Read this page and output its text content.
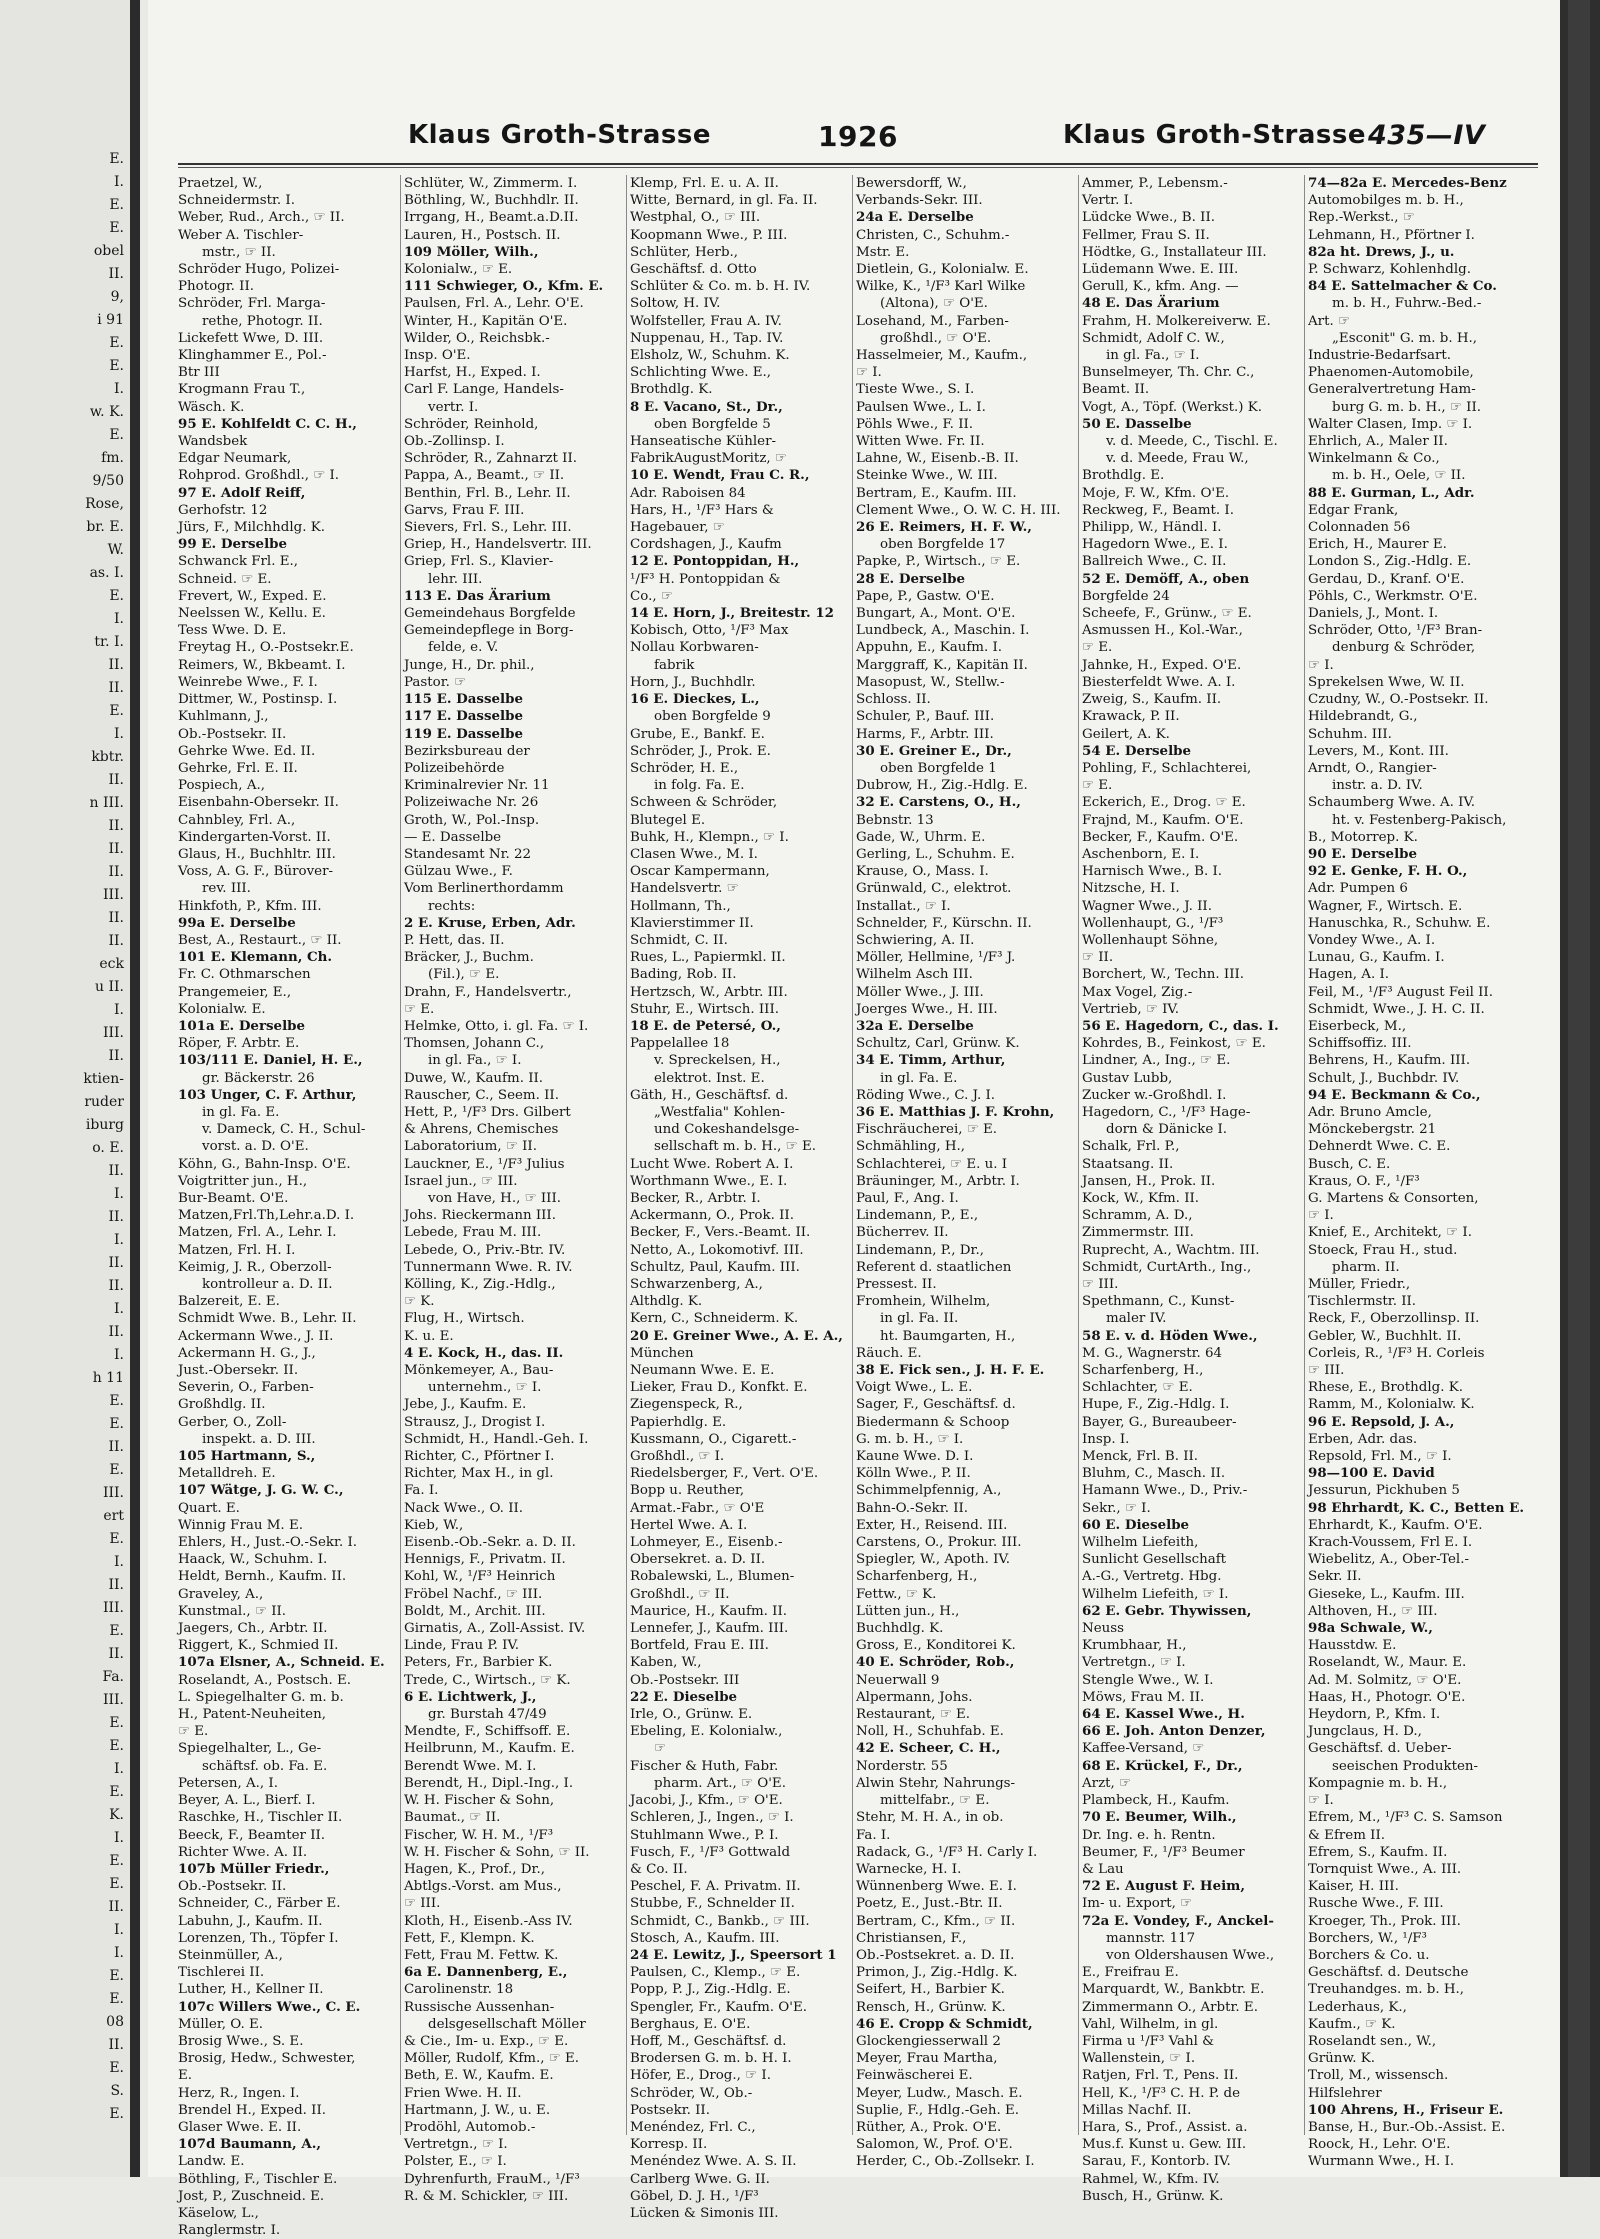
E.
I.
E.
E.
obel
II.
9,
i 91
E.
E.
I.
w. K.
E.
fm.
9/50
Rose,
br. E.
W.
as. I.
E.
I.
tr. I.
II.
II.
E.
I.
kbtr.
II.
n III.
II.
II.
II.
III.
II.
II.
eck
u II.
I.
III.
II.
ktien-
ruder
iburg
o. E.
II.
I.
II.
I.
II.
II.
I.
II.
I.
h 11
E.
E.
II.
E.
III.
ert
E.
I.
II.
III.
E.
II.
Fa.
III.
E.
E.
I.
E.
K.
I.
E.
E.
II.
I.
I.
E.
E.
08
II.
E.
S.
E.
Klaus Groth-Strasse	1926	Klaus Groth-Strasse 435—IV
Praetzel, W.,
Schneidermstr. I.
Weber, Rud., Arch., ☞ II.
Weber A. Tischler-
mstr., ☞ II.
Schröder Hugo, Polizei-
Photogr. II.
Schröder, Frl. Marga-
rethe, Photogr. II.
Lickefett Wwe, D. III.
Klinghammer E., Pol.-
Btr III
Krogmann Frau T.,
Wäsch. K.
95 E. Kohlfeldt C. C. H.,
Wandsbek
Edgar Neumark,
Rohprod. Großhdl., ☞ I.
97 E. Adolf Reiff,
Gerhofstr. 12
Jürs, F., Milchhdlg. K.
99 E. Derselbe
Schwanck Frl. E.,
Schneid. ☞ E.
Frevert, W., Exped. E.
Neelssen W., Kellu. E.
Tess Wwe. D. E.
Freytag H., O.-Postsekr.E.
Reimers, W., Bkbeamt. I.
Weinrebe Wwe., F. I.
Dittmer, W., Postinsp. I.
Kuhlmann, J.,
Ob.-Postsekr. II.
Gehrke Wwe. Ed. II.
Gehrke, Frl. E. II.
Pospiech, A.,
Eisenbahn-Obersekr. II.
Cahnbley, Frl. A.,
Kindergarten-Vorst. II.
Glaus, H., Buchhltr. III.
Voss, A. G. F., Bürover-
rev. III.
Hinkfoth, P., Kfm. III.
99a E. Derselbe
Best, A., Restaurt., ☞ II.
101 E. Klemann, Ch.
Fr. C. Othmarschen
Prangemeier, E.,
Kolonialw. E.
101a E. Derselbe
Röper, F. Arbtr. E.
103/111 E. Daniel, H. E.,
gr. Bäckerstr. 26
103 Unger, C. F. Arthur,
in gl. Fa. E.
v. Dameck, C. H., Schul-
vorst. a. D. O'E.
Köhn, G., Bahn-Insp. O'E.
Voigtritter jun., H.,
Bur-Beamt. O'E.
Matzen,Frl.Th,Lehr.a.D. I.
Matzen, Frl. A., Lehr. I.
Matzen, Frl. H. I.
Keimig, J. R., Oberzoll-
kontrolleur a. D. II.
Balzereit, E. E.
Schmidt Wwe. B., Lehr. II.
Ackermann Wwe., J. II.
Ackermann H. G., J.,
Just.-Obersekr. II.
Severin, O., Farben-
Großhdlg. II.
Gerber, O., Zoll-
inspekt. a. D. III.
105 Hartmann, S.,
Metalldreh. E.
107 Wätge, J. G. W. C.,
Quart. E.
Winnig Frau M. E.
Ehlers, H., Just.-O.-Sekr. I.
Haack, W., Schuhm. I.
Heldt, Bernh., Kaufm. II.
Graveley, A.,
Kunstmal., ☞ II.
Jaegers, Ch., Arbtr. II.
Riggert, K., Schmied II.
107a Elsner, A., Schneid. E.
Roselandt, A., Postsch. E.
L. Spiegelhalter G. m. b.
H., Patent-Neuheiten,
☞ E.
Spiegelhalter, L., Ge-
schäftsf. ob. Fa. E.
Petersen, A., I.
Beyer, A. L., Bierf. I.
Raschke, H., Tischler II.
Beeck, F., Beamter II.
Richter Wwe. A. II.
107b Müller Friedr.,
Ob.-Postsekr. II.
Schneider, C., Färber E.
Labuhn, J., Kaufm. II.
Lorenzen, Th., Töpfer I.
Steinmüller, A.,
Tischlerei II.
Luther, H., Kellner II.
107c Willers Wwe., C. E.
Müller, O. E.
Brosig Wwe., S. E.
Brosig, Hedw., Schwester,
E.
Herz, R., Ingen. I.
Brendel H., Exped. II.
Glaser Wwe. E. II.
107d Baumann, A.,
Landw. E.
Böthling, F., Tischler E.
Jost, P., Zuschneid. E.
Käselow, L.,
Ranglermstr. I.
Schlüter, W., Zimmerm. I.
Böthling, W., Buchhdlr. II.
Irrgang, H., Beamt.a.D.II.
Lauren, H., Postsch. II.
109 Möller, Wilh.,
Kolonialw., ☞ E.
111 Schwieger, O., Kfm. E.
Paulsen, Frl. A., Lehr. O'E.
Winter, H., Kapitän O'E.
Wilder, O., Reichsbk.-
Insp. O'E.
Harfst, H., Exped. I.
Carl F. Lange, Handels-
vertr. I.
Schröder, Reinhold,
Ob.-Zollinsp. I.
Schröder, R., Zahnarzt II.
Pappa, A., Beamt., ☞ II.
Benthin, Frl. B., Lehr. II.
Garvs, Frau F. III.
Sievers, Frl. S., Lehr. III.
Griep, H., Handelsvertr. III.
Griep, Frl. S., Klavier-
lehr. III.
113 E. Das Ärarium
Gemeindehaus Borgfelde
Gemeindepflege in Borg-
felde, e. V.
Junge, H., Dr. phil.,
Pastor. ☞
115 E. Dasselbe
117 E. Dasselbe
119 E. Dasselbe
Bezirksbureau der
Polizeibehörde
Kriminalrevier Nr. 11
Polizeiwache Nr. 26
Groth, W., Pol.-Insp.
— E. Dasselbe
Standesamt Nr. 22
Gülzau Wwe., F.
Vom Berlinerthordamm
rechts:
2 E. Kruse, Erben, Adr.
P. Hett, das. II.
Bräcker, J., Buchm.
(Fil.), ☞ E.
Drahn, F., Handelsvertr.,
☞ E.
Helmke, Otto, i. gl. Fa. ☞ I.
Thomsen, Johann C.,
in gl. Fa., ☞ I.
Duwe, W., Kaufm. II.
Rauscher, C., Seem. II.
Hett, P., ¹/F³ Drs. Gilbert
& Ahrens, Chemisches
Laboratorium, ☞ II.
Lauckner, E., ¹/F³ Julius
Israel jun., ☞ III.
von Have, H., ☞ III.
Johs. Rieckermann III.
Lebede, Frau M. III.
Lebede, O., Priv.-Btr. IV.
Tunnermann Wwe. R. IV.
Kölling, K., Zig.-Hdlg.,
☞ K.
Flug, H., Wirtsch.
K. u. E.
4 E. Kock, H., das. II.
Mönkemeyer, A., Bau-
unternehm., ☞ I.
Jebe, J., Kaufm. E.
Strausz, J., Drogist I.
Schmidt, H., Handl.-Geh. I.
Richter, C., Pförtner I.
Richter, Max H., in gl.
Fa. I.
Nack Wwe., O. II.
Kieb, W.,
Eisenb.-Ob.-Sekr. a. D. II.
Hennigs, F., Privatm. II.
Kohl, W., ¹/F³ Heinrich
Fröbel Nachf., ☞ III.
Boldt, M., Archit. III.
Girnatis, A., Zoll-Assist. IV.
Linde, Frau P. IV.
Peters, Fr., Barbier K.
Trede, C., Wirtsch., ☞ K.
6 E. Lichtwerk, J.,
gr. Burstah 47/49
Mendte, F., Schiffsoff. E.
Heilbrunn, M., Kaufm. E.
Berendt Wwe. M. I.
Berendt, H., Dipl.-Ing., I.
W. H. Fischer & Sohn,
Baumat., ☞ II.
Fischer, W. H. M., ¹/F³
W. H. Fischer & Sohn, ☞ II.
Hagen, K., Prof., Dr.,
Abtlgs.-Vorst. am Mus.,
☞ III.
Kloth, H., Eisenb.-Ass IV.
Fett, F., Klempn. K.
Fett, Frau M. Fettw. K.
6a E. Dannenberg, E.,
Carolinenstr. 18
Russische Aussenhan-
delsgesellschaft Möller
& Cie., Im- u. Exp., ☞ E.
Möller, Rudolf, Kfm., ☞ E.
Beth, E. W., Kaufm. E.
Frien Wwe. H. II.
Hartmann, J. W., u. E.
Prodöhl, Automob.-
Vertretgn., ☞ I.
Polster, E., ☞ I.
Dyhrenfurth, FrauM., ¹/F³
R. & M. Schickler, ☞ III.
Klemp, Frl. E. u. A. II.
Witte, Bernard, in gl. Fa. II.
Westphal, O., ☞ III.
Koopmann Wwe., P. III.
Schlüter, Herb.,
Geschäftsf. d. Otto
Schlüter & Co. m. b. H. IV.
Soltow, H. IV.
Wolfsteller, Frau A. IV.
Nuppenau, H., Tap. IV.
Elsholz, W., Schuhm. K.
Schlichting Wwe. E.,
Brothdlg. K.
8 E. Vacano, St., Dr.,
oben Borgfelde 5
Hanseatische Kühler-
FabrikAugustMoritz, ☞
10 E. Wendt, Frau C. R.,
Adr. Raboisen 84
Hars, H., ¹/F³ Hars &
Hagebauer, ☞
Cordshagen, J., Kaufm
12 E. Pontoppidan, H.,
¹/F³ H. Pontoppidan &
Co., ☞
14 E. Horn, J., Breitestr. 12
Kobisch, Otto, ¹/F³ Max
Nollau Korbwaren-
fabrik
Horn, J., Buchhdlr.
16 E. Dieckes, L.,
oben Borgfelde 9
Grube, E., Bankf. E.
Schröder, J., Prok. E.
Schröder, H. E.,
in folg. Fa. E.
Schween & Schröder,
Blutegel E.
Buhk, H., Klempn., ☞ I.
Clasen Wwe., M. I.
Oscar Kampermann,
Handelsvertr. ☞
Hollmann, Th.,
Klavierstimmer II.
Schmidt, C. II.
Rues, L., Papiermkl. II.
Bading, Rob. II.
Hertzsch, W., Arbtr. III.
Stuhr, E., Wirtsch. III.
18 E. de Petersé, O.,
Pappelallee 18
v. Spreckelsen, H.,
elektrot. Inst. E.
Gäth, H., Geschäftsf. d.
„Westfalia" Kohlen-
und Cokeshandelsge-
sellschaft m. b. H., ☞ E.
Lucht Wwe. Robert A. I.
Worthmann Wwe., E. I.
Becker, R., Arbtr. I.
Ackermann, O., Prok. II.
Becker, F., Vers.-Beamt. II.
Netto, A., Lokomotivf. III.
Schultz, Paul, Kaufm. III.
Schwarzenberg, A.,
Althdlg. K.
Kern, C., Schneiderm. K.
20 E. Greiner Wwe., A. E. A.,
München
Neumann Wwe. E. E.
Lieker, Frau D., Konfkt. E.
Ziegenspeck, R.,
Papierhdlg. E.
Kussmann, O., Cigarett.-
Großhdl., ☞ I.
Riedelsberger, F., Vert. O'E.
Bopp u. Reuther,
Armat.-Fabr., ☞ O'E
Hertel Wwe. A. I.
Lohmeyer, E., Eisenb.-
Obersekret. a. D. II.
Robalewski, L., Blumen-
Großhdl., ☞ II.
Maurice, H., Kaufm. II.
Lennefer, J., Kaufm. III.
Bortfeld, Frau E. III.
Kaben, W.,
Ob.-Postsekr. III
22 E. Dieselbe
Irle, O., Grünw. E.
Ebeling, E. Kolonialw.,
☞
Fischer & Huth, Fabr.
pharm. Art., ☞ O'E.
Jacobi, J., Kfm., ☞ O'E.
Schleren, J., Ingen., ☞ I.
Stuhlmann Wwe., P. I.
Fusch, F., ¹/F³ Gottwald
& Co. II.
Peschel, F. A. Privatm. II.
Stubbe, F., Schnelder II.
Schmidt, C., Bankb., ☞ III.
Stosch, A., Kaufm. III.
24 E. Lewitz, J., Speersort 1
Paulsen, C., Klemp., ☞ E.
Popp, P. J., Zig.-Hdlg. E.
Spengler, Fr., Kaufm. O'E.
Berghaus, E. O'E.
Hoff, M., Geschäftsf. d.
Brodersen G. m. b. H. I.
Höfer, E., Drog., ☞ I.
Schröder, W., Ob.-
Postsekr. II.
Menéndez, Frl. C.,
Korresp. II.
Menéndez Wwe. A. S. II.
Carlberg Wwe. G. II.
Göbel, D. J. H., ¹/F³
Lücken & Simonis III.
Bewersdorff, W.,
Verbands-Sekr. III.
24a E. Derselbe
Christen, C., Schuhm.-
Mstr. E.
Dietlein, G., Kolonialw. E.
Wilke, K., ¹/F³ Karl Wilke
(Altona), ☞ O'E.
Losehand, M., Farben-
großhdl., ☞ O'E.
Hasselmeier, M., Kaufm.,
☞ I.
Tieste Wwe., S. I.
Paulsen Wwe., L. I.
Pöhls Wwe., F. II.
Witten Wwe. Fr. II.
Lahne, W., Eisenb.-B. II.
Steinke Wwe., W. III.
Bertram, E., Kaufm. III.
Clement Wwe., O. W. C. H. III.
26 E. Reimers, H. F. W.,
oben Borgfelde 17
Papke, P., Wirtsch., ☞ E.
28 E. Derselbe
Pape, P., Gastw. O'E.
Bungart, A., Mont. O'E.
Lundbeck, A., Maschin. I.
Appuhn, E., Kaufm. I.
Marggraff, K., Kapitän II.
Masopust, W., Stellw.-
Schloss. II.
Schuler, P., Bauf. III.
Harms, F., Arbtr. III.
30 E. Greiner E., Dr.,
oben Borgfelde 1
Dubrow, H., Zig.-Hdlg. E.
32 E. Carstens, O., H.,
Bebnstr. 13
Gade, W., Uhrm. E.
Gerling, L., Schuhm. E.
Krause, O., Mass. I.
Grünwald, C., elektrot.
Installat., ☞ I.
Schnelder, F., Kürschn. II.
Schwiering, A. II.
Möller, Hellmine, ¹/F³ J.
Wilhelm Asch III.
Möller Wwe., J. III.
Joerges Wwe., H. III.
32a E. Derselbe
Schultz, Carl, Grünw. K.
34 E. Timm, Arthur,
in gl. Fa. E.
Röding Wwe., C. J. I.
36 E. Matthias J. F. Krohn,
Fischräucherei, ☞ E.
Schmähling, H.,
Schlachterei, ☞ E. u. I
Bräuninger, M., Arbtr. I.
Paul, F., Ang. I.
Lindemann, P., E.,
Bücherrev. II.
Lindemann, P., Dr.,
Referent d. staatlichen
Pressest. II.
Fromhein, Wilhelm,
in gl. Fa. II.
ht. Baumgarten, H.,
Räuch. E.
38 E. Fick sen., J. H. F. E.
Voigt Wwe., L. E.
Sager, F., Geschäftsf. d.
Biedermann & Schoop
G. m. b. H., ☞ I.
Kaune Wwe. D. I.
Kölln Wwe., P. II.
Schimmelpfennig, A.,
Bahn-O.-Sekr. II.
Exter, H., Reisend. III.
Carstens, O., Prokur. III.
Spiegler, W., Apoth. IV.
Scharfenberg, H.,
Fettw., ☞ K.
Lütten jun., H.,
Buchhdlg. K.
Gross, E., Konditorei K.
40 E. Schröder, Rob.,
Neuerwall 9
Alpermann, Johs.
Restaurant, ☞ E.
Noll, H., Schuhfab. E.
42 E. Scheer, C. H.,
Norderstr. 55
Alwin Stehr, Nahrungs-
mittelfabr., ☞ E.
Stehr, M. H. A., in ob.
Fa. I.
Radack, G., ¹/F³ H. Carly I.
Warnecke, H. I.
Wünnenberg Wwe. E. I.
Poetz, E., Just.-Btr. II.
Bertram, C., Kfm., ☞ II.
Christiansen, F.,
Ob.-Postsekret. a. D. II.
Primon, J., Zig.-Hdlg. K.
Seifert, H., Barbier K.
Rensch, H., Grünw. K.
46 E. Cropp & Schmidt,
Glockengiesserwall 2
Meyer, Frau Martha,
Feinwäscherei E.
Meyer, Ludw., Masch. E.
Suplie, F., Hdlg.-Geh. E.
Rüther, A., Prok. O'E.
Salomon, W., Prof. O'E.
Herder, C., Ob.-Zollsekr. I.
Ammer, P., Lebensm.-
Vertr. I.
Lüdcke Wwe., B. II.
Fellmer, Frau S. II.
Hödtke, G., Installateur III.
Lüdemann Wwe. E. III.
Gerull, K., kfm. Ang. —
48 E. Das Ärarium
Frahm, H. Molkereiverw. E.
Schmidt, Adolf C. W.,
in gl. Fa., ☞ I.
Bunselmeyer, Th. Chr. C.,
Beamt. II.
Vogt, A., Töpf. (Werkst.) K.
50 E. Dasselbe
v. d. Meede, C., Tischl. E.
v. d. Meede, Frau W.,
Brothdlg. E.
Moje, F. W., Kfm. O'E.
Reckweg, F., Beamt. I.
Philipp, W., Händl. I.
Hagedorn Wwe., E. I.
Ballreich Wwe., C. II.
52 E. Demöff, A., oben
Borgfelde 24
Scheefe, F., Grünw., ☞ E.
Asmussen H., Kol.-War.,
☞ E.
Jahnke, H., Exped. O'E.
Biesterfeldt Wwe. A. I.
Zweig, S., Kaufm. II.
Krawack, P. II.
Geilert, A. K.
54 E. Derselbe
Pohling, F., Schlachterei,
☞ E.
Eckerich, E., Drog. ☞ E.
Frajnd, M., Kaufm. O'E.
Becker, F., Kaufm. O'E.
Aschenborn, E. I.
Harnisch Wwe., B. I.
Nitzsche, H. I.
Wagner Wwe., J. II.
Wollenhaupt, G., ¹/F³
Wollenhaupt Söhne,
☞ II.
Borchert, W., Techn. III.
Max Vogel, Zig.-
Vertrieb, ☞ IV.
56 E. Hagedorn, C., das. I.
Kohrdes, B., Feinkost, ☞ E.
Lindner, A., Ing., ☞ E.
Gustav Lubb,
Zucker w.-Großhdl. I.
Hagedorn, C., ¹/F³ Hage-
dorn & Dänicke I.
Schalk, Frl. P.,
Staatsang. II.
Jansen, H., Prok. II.
Kock, W., Kfm. II.
Schramm, A. D.,
Zimmermstr. III.
Ruprecht, A., Wachtm. III.
Schmidt, CurtArth., Ing.,
☞ III.
Spethmann, C., Kunst-
maler IV.
58 E. v. d. Höden Wwe.,
M. G., Wagnerstr. 64
Scharfenberg, H.,
Schlachter, ☞ E.
Hupe, F., Zig.-Hdlg. I.
Bayer, G., Bureaubeer-
Insp. I.
Menck, Frl. B. II.
Bluhm, C., Masch. II.
Hamann Wwe., D., Priv.-
Sekr., ☞ I.
60 E. Dieselbe
Wilhelm Liefeith,
Sunlicht Gesellschaft
A.-G., Vertretg. Hbg.
Wilhelm Liefeith, ☞ I.
62 E. Gebr. Thywissen,
Neuss
Krumbhaar, H.,
Vertretgn., ☞ I.
Stengle Wwe., W. I.
Möws, Frau M. II.
64 E. Kassel Wwe., H.
66 E. Joh. Anton Denzer,
Kaffee-Versand, ☞
68 E. Krückel, F., Dr.,
Arzt, ☞
Plambeck, H., Kaufm.
70 E. Beumer, Wilh.,
Dr. Ing. e. h. Rentn.
Beumer, F., ¹/F³ Beumer
& Lau
72 E. August F. Heim,
Im- u. Export, ☞
72a E. Vondey, F., Anckel-
mannstr. 117
von Oldershausen Wwe.,
E., Freifrau E.
Marquardt, W., Bankbtr. E.
Zimmermann O., Arbtr. E.
Vahl, Wilhelm, in gl.
Firma u ¹/F³ Vahl &
Wallenstein, ☞ I.
Ratjen, Frl. T., Pens. II.
Hell, K., ¹/F³ C. H. P. de
Millas Nachf. II.
Hara, S., Prof., Assist. a.
Mus.f. Kunst u. Gew. III.
Sarau, F., Kontorb. IV.
Rahmel, W., Kfm. IV.
Busch, H., Grünw. K.
74—82a E. Mercedes-Benz
Automobilges m. b. H.,
Rep.-Werkst., ☞
Lehmann, H., Pförtner I.
82a ht. Drews, J., u.
P. Schwarz, Kohlenhdlg.
84 E. Sattelmacher & Co.
m. b. H., Fuhrw.-Bed.-
Art. ☞
„Esconit" G. m. b. H.,
Industrie-Bedarfsart.
Phaenomen-Automobile,
Generalvertretung Ham-
burg G. m. b. H., ☞ II.
Walter Clasen, Imp. ☞ I.
Ehrlich, A., Maler II.
Winkelmann & Co.,
m. b. H., Oele, ☞ II.
88 E. Gurman, L., Adr.
Edgar Frank,
Colonnaden 56
Erich, H., Maurer E.
London S., Zig.-Hdlg. E.
Gerdau, D., Kranf. O'E.
Pöhls, C., Werkmstr. O'E.
Daniels, J., Mont. I.
Schröder, Otto, ¹/F³ Bran-
denburg & Schröder,
☞ I.
Sprekelsen Wwe, W. II.
Czudny, W., O.-Postsekr. II.
Hildebrandt, G.,
Schuhm. III.
Levers, M., Kont. III.
Arndt, O., Rangier-
instr. a. D. IV.
Schaumberg Wwe. A. IV.
ht. v. Festenberg-Pakisch,
B., Motorrep. K.
90 E. Derselbe
92 E. Genke, F. H. O.,
Adr. Pumpen 6
Wagner, F., Wirtsch. E.
Hanuschka, R., Schuhw. E.
Vondey Wwe., A. I.
Lunau, G., Kaufm. I.
Hagen, A. I.
Feil, M., ¹/F³ August Feil II.
Schmidt, Wwe., J. H. C. II.
Eiserbeck, M.,
Schiffsoffiz. III.
Behrens, H., Kaufm. III.
Schult, J., Buchbdr. IV.
94 E. Beckmann & Co.,
Adr. Bruno Amcle,
Mönckebergstr. 21
Dehnerdt Wwe. C. E.
Busch, C. E.
Kraus, O. F., ¹/F³
G. Martens & Consorten,
☞ I.
Knief, E., Architekt, ☞ I.
Stoeck, Frau H., stud.
pharm. II.
Müller, Friedr.,
Tischlermstr. II.
Reck, F., Oberzollinsp. II.
Gebler, W., Buchhlt. II.
Corleis, R., ¹/F³ H. Corleis
☞ III.
Rhese, E., Brothdlg. K.
Ramm, M., Kolonialw. K.
96 E. Repsold, J. A.,
Erben, Adr. das.
Repsold, Frl. M., ☞ I.
98—100 E. David
Jessurun, Pickhuben 5
98 Ehrhardt, K. C., Betten E.
Ehrhardt, K., Kaufm. O'E.
Krach-Voussem, Frl E. I.
Wiebelitz, A., Ober-Tel.-
Sekr. II.
Gieseke, L., Kaufm. III.
Althoven, H., ☞ III.
98a Schwale, W.,
Hausstdw. E.
Roselandt, W., Maur. E.
Ad. M. Solmitz, ☞ O'E.
Haas, H., Photogr. O'E.
Heydorn, P., Kfm. I.
Jungclaus, H. D.,
Geschäftsf. d. Ueber-
seeischen Produkten-
Kompagnie m. b. H.,
☞ I.
Efrem, M., ¹/F³ C. S. Samson
& Efrem II.
Efrem, S., Kaufm. II.
Tornquist Wwe., A. III.
Kaiser, H. III.
Rusche Wwe., F. III.
Kroeger, Th., Prok. III.
Borchers, W., ¹/F³
Borchers & Co. u.
Geschäftsf. d. Deutsche
Treuhandges. m. b. H.,
Lederhaus, K.,
Kaufm., ☞ K.
Roselandt sen., W.,
Grünw. K.
Troll, M., wissensch.
Hilfslehrer
100 Ahrens, H., Friseur E.
Banse, H., Bur.-Ob.-Assist. E.
Roock, H., Lehr. O'E.
Wurmann Wwe., H. I.
